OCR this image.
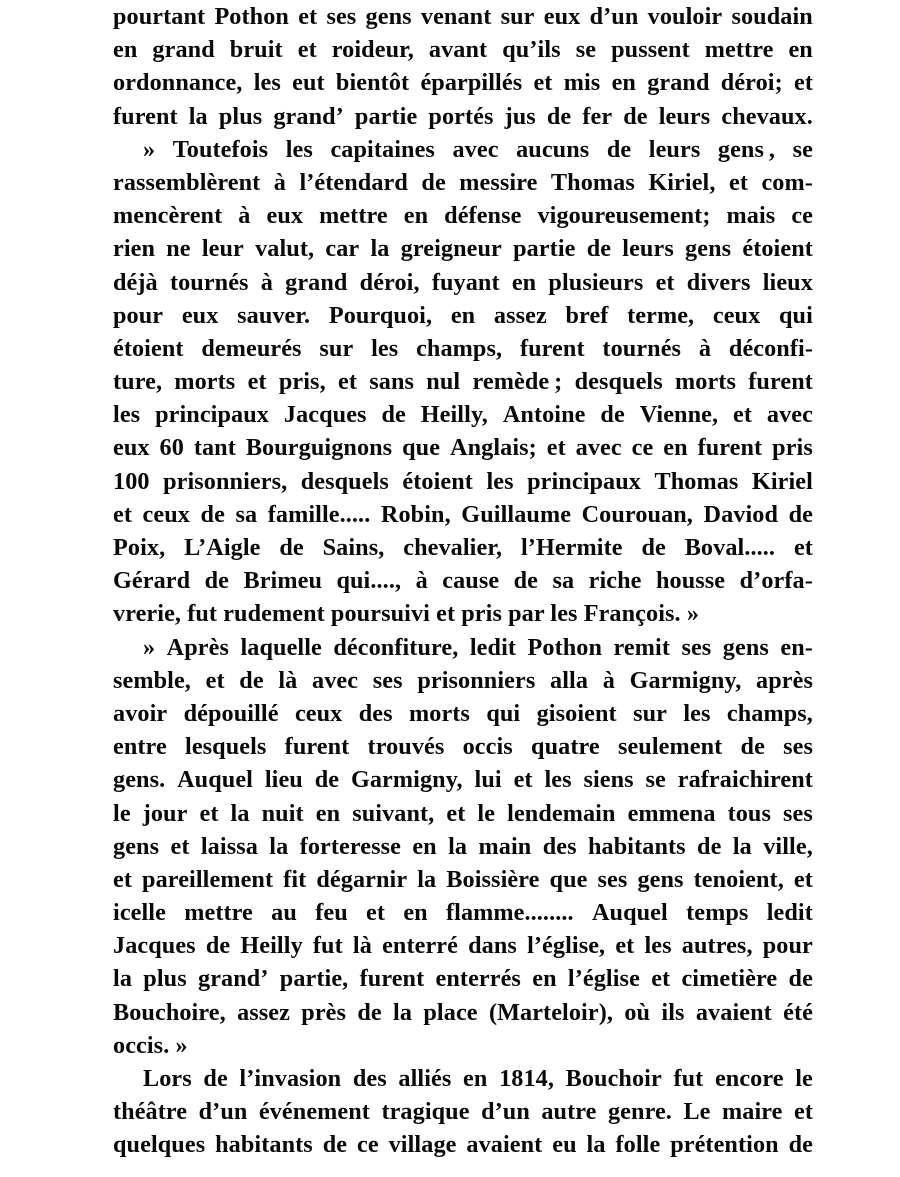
pourtant Pothon et ses gens venant sur eux d’un vouloir soudain
en grand bruit et roideur, avant qu’ils se pussent mettre en
ordonnance, les eut bientôt éparpillés et mis en grand déroi; et
furent la plus grand’ partie portés jus de fer de leurs chevaux.
» Toutefois les capitaines avec aucuns de leurs gens , se
rassemblèrent à l’étendard de messire Thomas Kiriel, et com-
mencèrent à eux mettre en défense vigoureusement; mais ce
rien ne leur valut, car la greigneur partie de leurs gens étoient
déjà tournés à grand déroi, fuyant en plusieurs et divers lieux
pour eux sauver. Pourquoi, en assez bref terme, ceux qui
étoient demeurés sur les champs, furent tournés à déconfi-
ture, morts et pris, et sans nul remède ; desquels morts furent
les principaux Jacques de Heilly, Antoine de Vienne, et avec
eux 60 tant Bourguignons que Anglais; et avec ce en furent pris
100 prisonniers, desquels étoient les principaux Thomas Kiriel
et ceux de sa famille..... Robin, Guillaume Courouan, Daviod de
Poix, L’Aigle de Sains, chevalier, l’Hermite de Boval..... et
Gérard de Brimeu qui...., à cause de sa riche housse d’orfa-
vrerie, fut rudement poursuivi et pris par les François. »
» Après laquelle déconfiture, ledit Pothon remit ses gens en-
semble, et de là avec ses prisonniers alla à Garmigny, après
avoir dépouillé ceux des morts qui gisoient sur les champs,
entre lesquels furent trouvés occis quatre seulement de ses
gens. Auquel lieu de Garmigny, lui et les siens se rafraichirent
le jour et la nuit en suivant, et le lendemain emmena tous ses
gens et laissa la forteresse en la main des habitants de la ville,
et pareillement fit dégarnir la Boissière que ses gens tenoient, et
icelle mettre au feu et en flamme........ Auquel temps ledit
Jacques de Heilly fut là enterré dans l’église, et les autres, pour
la plus grand’ partie, furent enterrés en l’église et cimetière de
Bouchoire, assez près de la place (Marteloir), où ils avaient été
occis. »
Lors de l’invasion des alliés en 1814, Bouchoir fut encore le
théâtre d’un événement tragique d’un autre genre. Le maire et
quelques habitants de ce village avaient eu la folle prétention de
